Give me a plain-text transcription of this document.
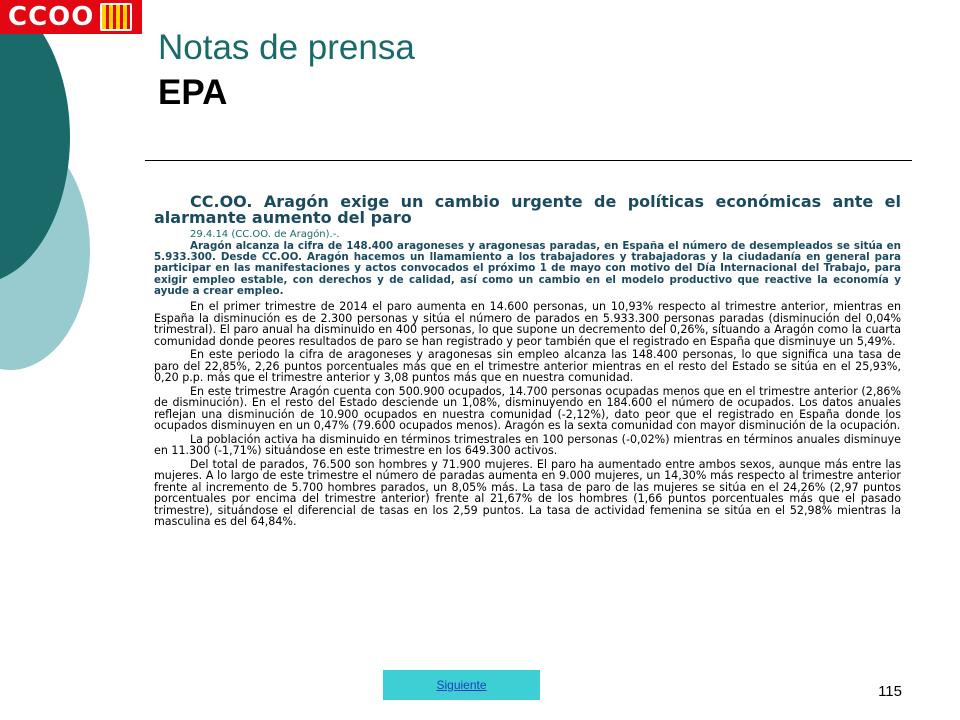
CCOO
Notas de prensa
EPA

CC.OO. Aragón exige un cambio urgente de políticas económicas ante el alarmante aumento del paro

29.4.14 (CC.OO. de Aragón).-.

Aragón alcanza la cifra de 148.400 aragoneses y aragonesas paradas, en España el número de desempleados se sitúa en 5.933.300. Desde CC.OO. Aragón hacemos un llamamiento a los trabajadores y trabajadoras y la ciudadanía en general para participar en las manifestaciones y actos convocados el próximo 1 de mayo con motivo del Día Internacional del Trabajo, para exigir empleo estable, con derechos y de calidad, así como un cambio en el modelo productivo que reactive la economía y ayude a crear empleo.

En el primer trimestre de 2014 el paro aumenta en 14.600 personas, un 10,93% respecto al trimestre anterior, mientras en España la disminución es de 2.300 personas y sitúa el número de parados en 5.933.300 personas paradas (disminución del 0,04% trimestral). El paro anual ha disminuido en 400 personas, lo que supone un decremento del 0,26%, situando a Aragón como la cuarta comunidad donde peores resultados de paro se han registrado y peor también que el registrado en España que disminuye un 5,49%.

En este periodo la cifra de aragoneses y aragonesas sin empleo alcanza las 148.400 personas, lo que significa una tasa de paro del 22,85%, 2,26 puntos porcentuales más que en el trimestre anterior mientras en el resto del Estado se sitúa en el 25,93%, 0,20 p.p. más que el trimestre anterior y 3,08 puntos más que en nuestra comunidad.

En este trimestre Aragón cuenta con 500.900 ocupados, 14.700 personas ocupadas menos que en el trimestre anterior (2,86% de disminución). En el resto del Estado desciende un 1,08%, disminuyendo en 184.600 el número de ocupados. Los datos anuales reflejan una disminución de 10.900 ocupados en nuestra comunidad (-2,12%), dato peor que el registrado en España donde los ocupados disminuyen en un 0,47% (79.600 ocupados menos). Aragón es la sexta comunidad con mayor disminución de la ocupación.

La población activa ha disminuido en términos trimestrales en 100 personas (-0,02%) mientras en términos anuales disminuye en 11.300 (-1,71%) situándose en este trimestre en los 649.300 activos.

Del total de parados, 76.500 son hombres y 71.900 mujeres. El paro ha aumentado entre ambos sexos, aunque más entre las mujeres. A lo largo de este trimestre el número de paradas aumenta en 9.000 mujeres, un 14,30% más respecto al trimestre anterior frente al incremento de 5.700 hombres parados, un 8,05% más. La tasa de paro de las mujeres se sitúa en el 24,26% (2,97 puntos porcentuales por encima del trimestre anterior) frente al 21,67% de los hombres (1,66 puntos porcentuales más que el pasado trimestre), situándose el diferencial de tasas en los 2,59 puntos. La tasa de actividad femenina se sitúa en el 52,98% mientras la masculina es del 64,84%.

Siguiente	115
